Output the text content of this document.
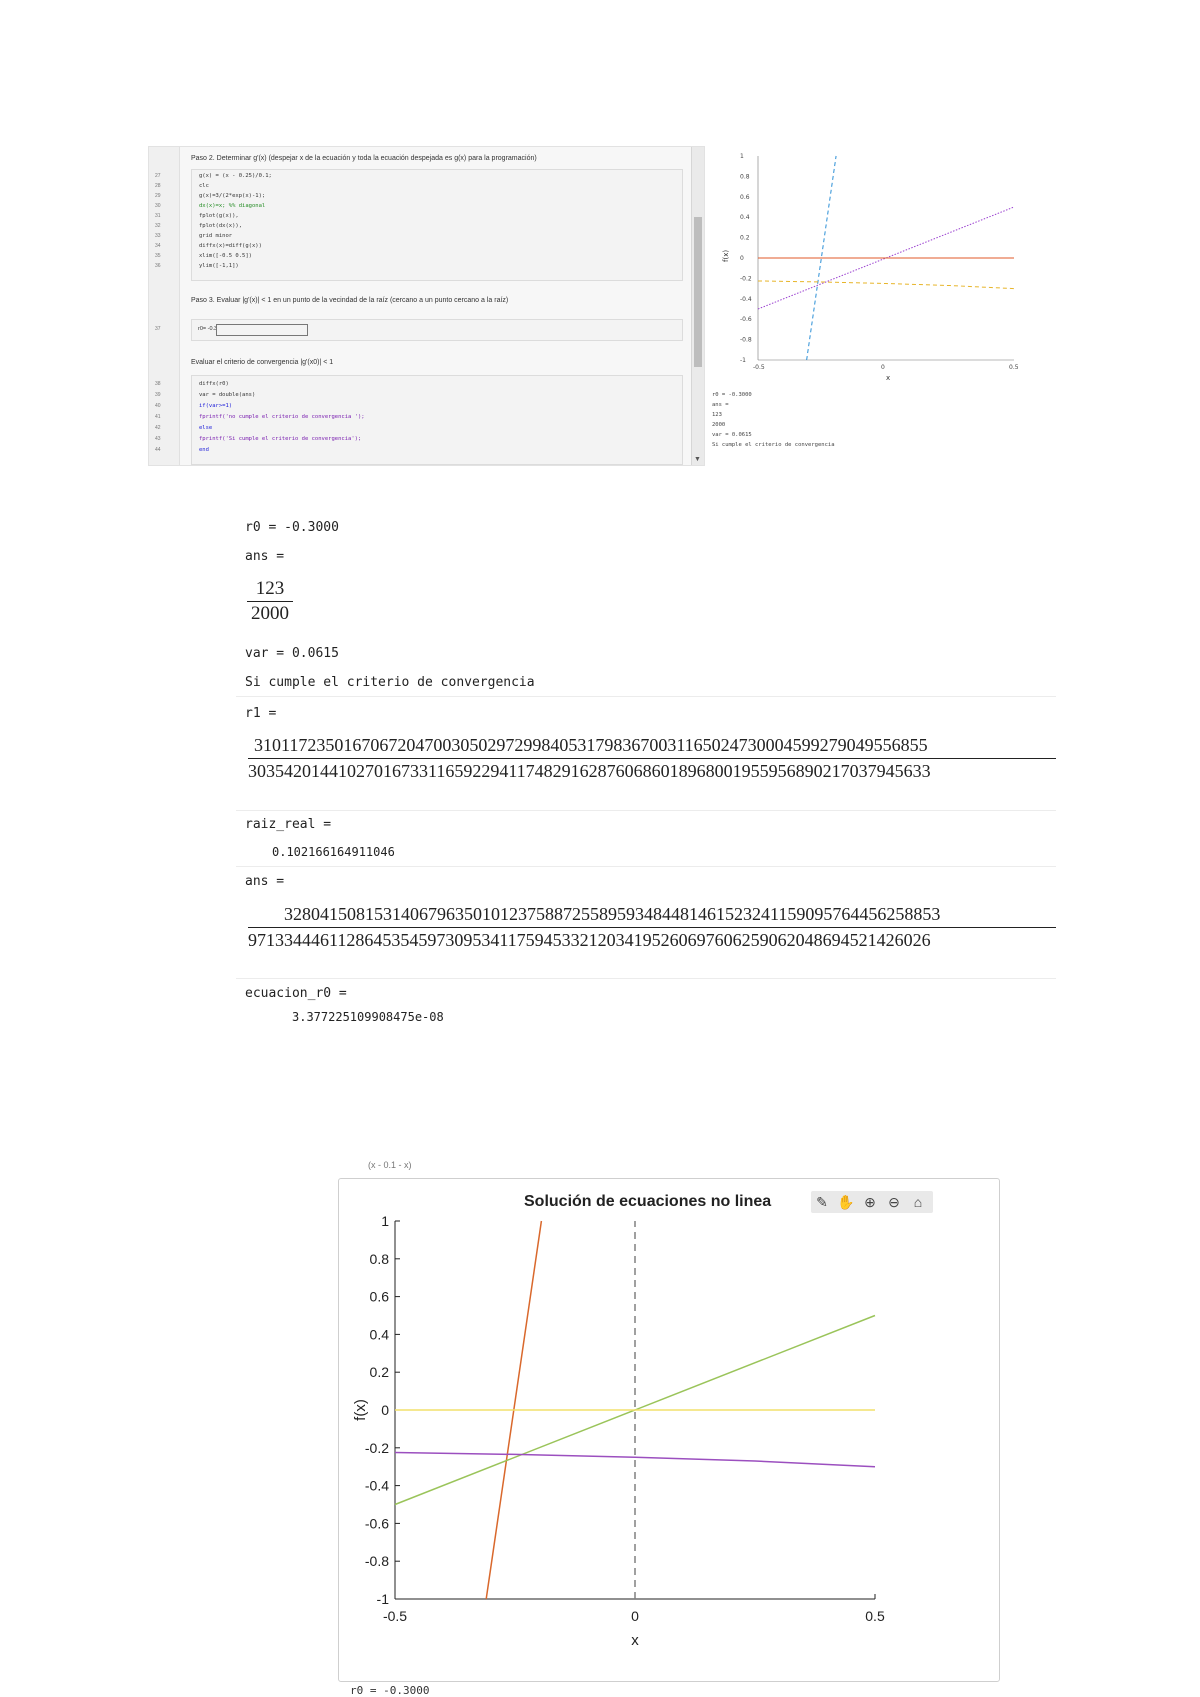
Paso 2. Determinar g'(x) (despejar x de la ecuación y toda la ecuación despejada es g(x) para la programación)
27	g(x) = (x - 0.25)/0.1;
28	clc
29	g(x)=3/(2*exp(x)-1);
30	dx(x)=x; %% diagonal
31	fplot(g(x)),
32	fplot(dx(x)),
33	grid minor
34	diffx(x)=diff(g(x))
35	xlim([-0.5 0.5])
36	ylim([-1,1])
Paso 3. Evaluar |g'(x)| < 1 en un punto de la vecindad de la raíz (cercano a un punto cercano a la raíz)
r0= -0.3
37
Evaluar el criterio de convergencia |g'(x0)| < 1
38	diffx(r0)
39	var = double(ans)
40	if(var>=1)
41	fprintf('no cumple el criterio de convergencia ');
42	else
43	fprintf('Si cumple el criterio de convergencia');
44	end
▼
1
0.8
0.6
0.4
0.2
0
-0.2
-0.4
-0.6
-0.8
-1
-0.5	0	0.5
f(x)
x
r0 = -0.3000
ans =
123
2000
var = 0.0615
Si cumple el criterio de convergencia
r0 = -0.3000
ans =
123
2000
var = 0.0615
Si cumple el criterio de convergencia
r1 =
310117235016706720470030502972998405317983670031165024730004599279049556855
3035420144102701673311659229411748291628760686018968001955956890217037945633
raiz_real =
0.102166164911046
ans =
3280415081531406796350101237588725589593484481461523241159095764456258853
9713344461128645354597309534117594533212034195260697606259062048694521426026
ecuacion_r0 =
3.377225109908475e-08
(x - 0.1 - x)
Solución de ecuaciones no linea	✎ ✋ ⊕ ⊖ ⌂
-1
-0.8
-0.6
-0.4
-0.2
0
0.2
0.4
0.6
0.8
1
-0.5	0	0.5
x
f(x)
r0 = -0.3000
